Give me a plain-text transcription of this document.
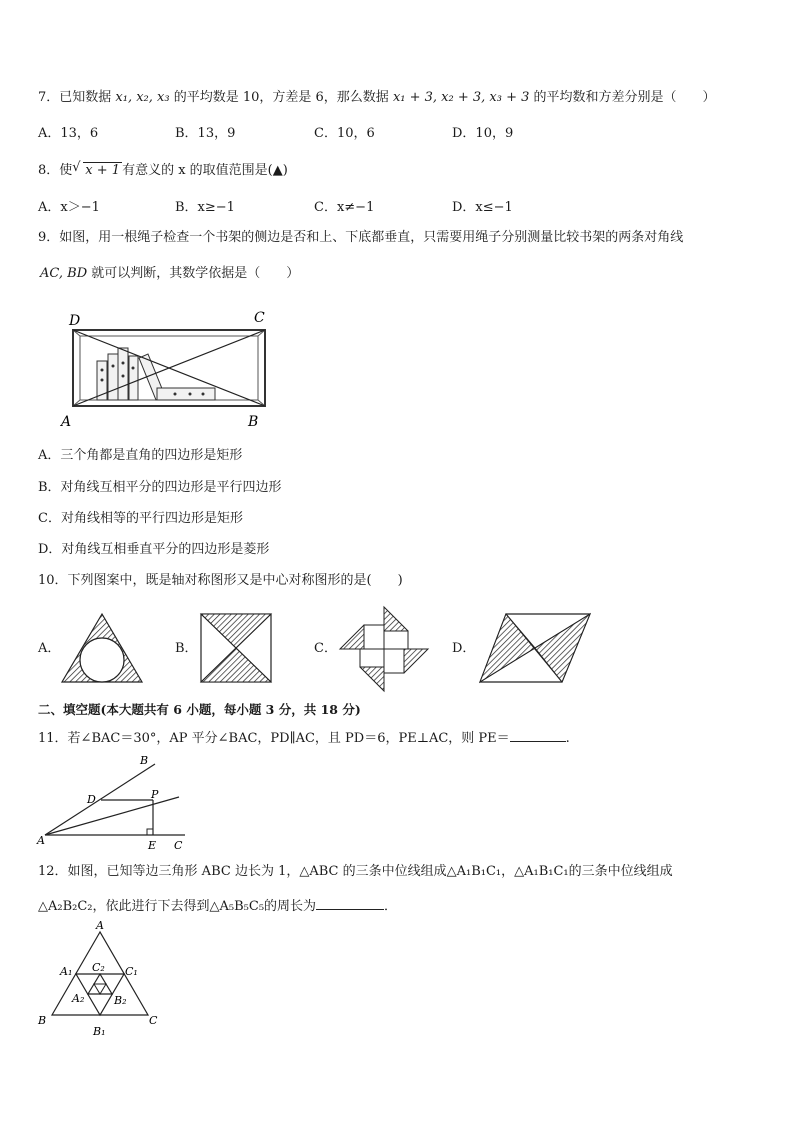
7．已知数据 x₁, x₂, x₃ 的平均数是 10，方差是 6，那么数据 x₁ + 3, x₂ + 3, x₃ + 3 的平均数和方差分别是（　　）
A．13，6	B．13，9	C．10，6	D．10，9
8．使 √ x + 1 有意义的 x 的取值范围是(▲)
A．x＞−1	B．x≥−1	C．x≠−1	D．x≤−1
9．如图，用一根绳子检查一个书架的侧边是否和上、下底都垂直，只需要用绳子分别测量比较书架的两条对角线
AC, BD 就可以判断，其数学依据是（　　）
D	C
A	B
A．三个角都是直角的四边形是矩形
B．对角线互相平分的四边形是平行四边形
C．对角线相等的平行四边形是矩形
D．对角线互相垂直平分的四边形是菱形
10．下列图案中，既是轴对称图形又是中心对称图形的是(　　)
A．	B．	C．	D．
二、填空题(本大题共有 6 小题，每小题 3 分，共 18 分)
11．若∠BAC＝30°，AP 平分∠BAC，PD∥AC，且 PD＝6，PE⊥AC，则 PE＝	.
B
P
D
A	E C
12．如图，已知等边三角形 ABC 边长为 1，△ABC 的三条中位线组成△A₁B₁C₁，△A₁B₁C₁的三条中位线组成
△A₂B₂C₂，依此进行下去得到△A₅B₅C₅的周长为	．
A
B	C
A₁	C₁
B₁
C₂
A₂	B₂
